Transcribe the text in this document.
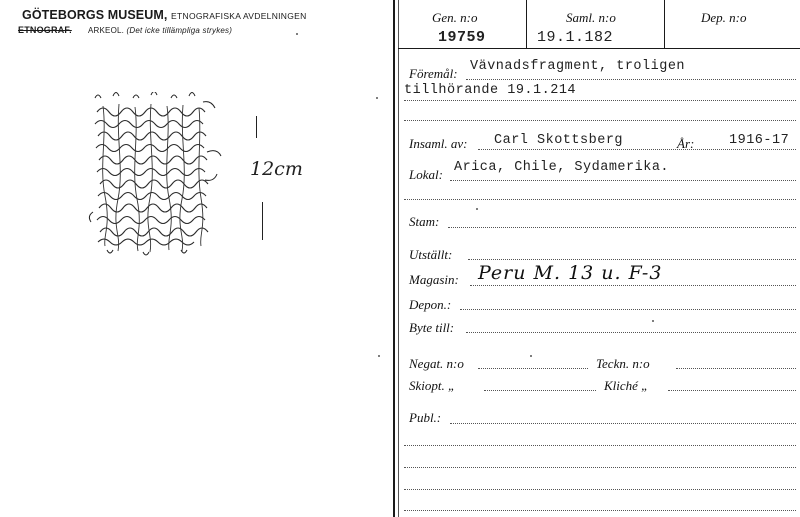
GÖTEBORGS MUSEUM, ETNOGRAFISKA AVDELNINGEN
ETNOGRAF. ARKEOL. (Det icke tillämpliga strykes)
12cm
Gen. n:o
19759
Saml. n:o
19.1.182
Dep. n:o
Föremål: Vävnadsfragment, troligen
tillhörande 19.1.214
Insaml. av: Carl Skottsberg	År:	1916-17
Lokal: Arica, Chile, Sydamerika.
Stam:
Utställt:
Magasin: Peru M. 13 u. F-3
Depon.:
Byte till:
Negat. n:o	Teckn. n:o
Skiopt. „	Kliché „
Publ.:
